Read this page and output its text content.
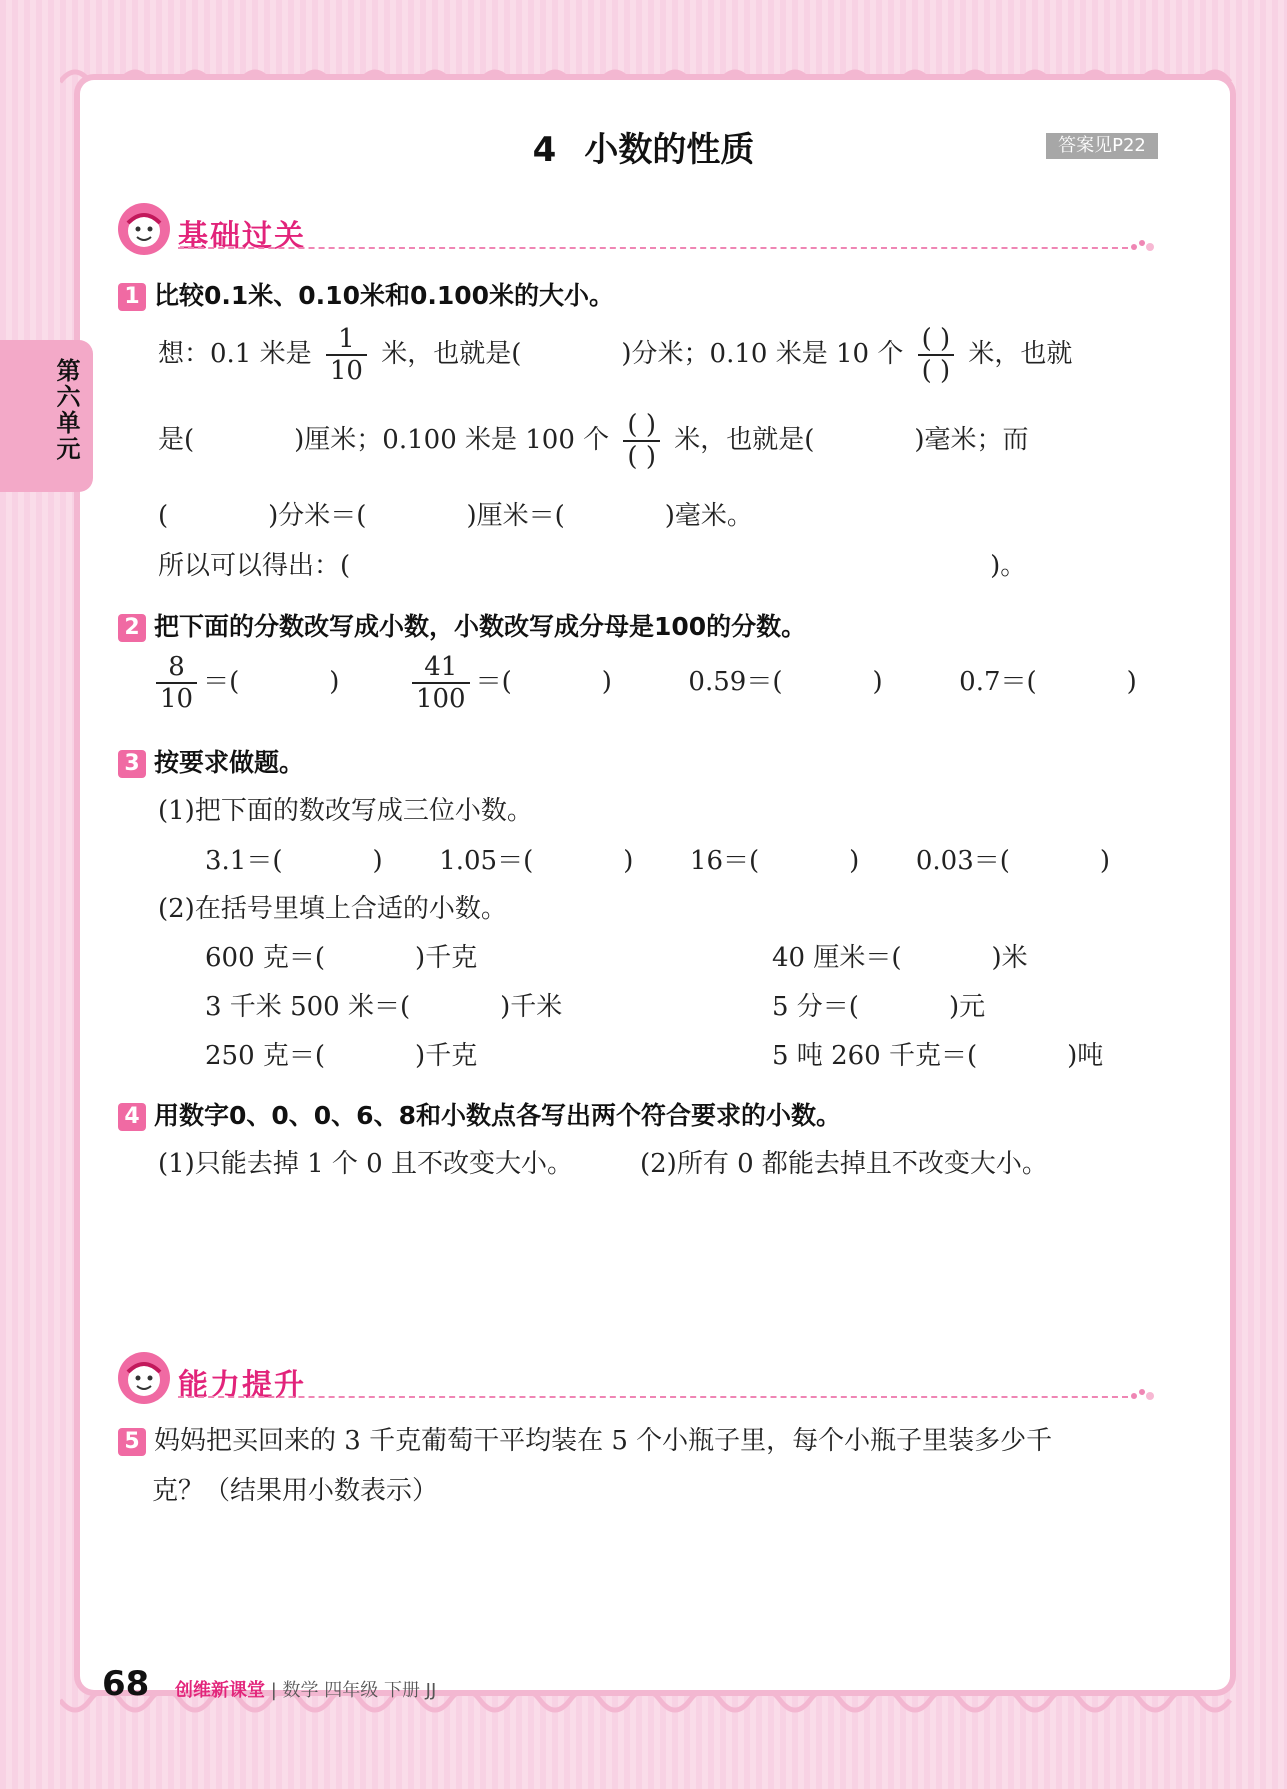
第六单元
4 小数的性质	答案见P22
基础过关
1 比较0.1米、0.10米和0.100米的大小。
想：0.1 米是 $\frac{1}{10}$ 米，也就是(	)分米；0.10 米是 10 个 $\frac{( )}{( )}$ 米，也就
是(	)厘米；0.100 米是 100 个 $\frac{( )}{( )}$ 米，也就是(	)毫米；而
(	)分米＝(	)厘米＝(	)毫米。
所以可以得出：(	)。
2 把下面的分数改写成小数，小数改写成分母是100的分数。
$\frac{8}{10}$ ＝(	)	$\frac{41}{100}$ ＝(	)	0.59＝(	)	0.7＝(	)
3 按要求做题。
(1)把下面的数改写成三位小数。
3.1＝(	) 1.05＝(	) 16＝(	) 0.03＝(	)
(2)在括号里填上合适的小数。
600 克＝(	)千克	40 厘米＝(	)米
3 千米 500 米＝(	)千米	5 分＝(	)元
250 克＝(	)千克	5 吨 260 千克＝(	)吨
4 用数字0、0、0、6、8和小数点各写出两个符合要求的小数。
(1)只能去掉 1 个 0 且不改变大小。	(2)所有 0 都能去掉且不改变大小。
能力提升
5 妈妈把买回来的 3 千克葡萄干平均装在 5 个小瓶子里，每个小瓶子里装多少千
克？（结果用小数表示）
68 创维新课堂 | 数学 四年级 下册 JJ
